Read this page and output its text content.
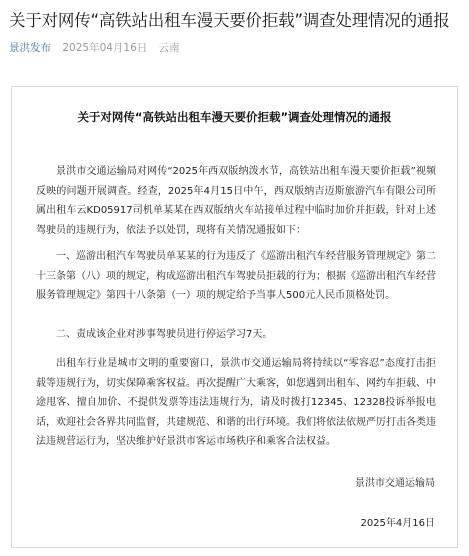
关于对网传“高铁站出租车漫天要价拒载”调查处理情况的通报
景洪发布 2025年04月16日 云南
关于对网传“高铁站出租车漫天要价拒载”调查处理情况的通报

景洪市交通运输局对网传“2025年西双版纳泼水节，高铁站出租车漫天要价拒载”视频反映的问题开展调查。经查，2025年4月15日中午，西双版纳吉迈斯旅游汽车有限公司所属出租车云KD05917司机单某某在西双版纳火车站接单过程中临时加价并拒载，针对上述驾驶员的违规行为，依法予以处罚，现将有关情况通报如下：

一、巡游出租汽车驾驶员单某某的行为违反了《巡游出租汽车经营服务管理规定》第二十三条第（八）项的规定，构成巡游出租汽车驾驶员拒载的行为；根据《巡游出租汽车经营服务管理规定》第四十八条第（一）项的规定给予当事人500元人民币顶格处罚。

二、责成该企业对涉事驾驶员进行停运学习7天。

出租车行业是城市文明的重要窗口，景洪市交通运输局将持续以“零容忍”态度打击拒载等违规行为，切实保障乘客权益。再次提醒广大乘客，如您遇到出租车、网约车拒载、中途甩客、擅自加价、不提供发票等违法违规行为，请及时拨打12345、12328投诉举报电话，欢迎社会各界共同监督，共建规范、和谐的出行环境。我们将依法依规严厉打击各类违法违规营运行为，坚决维护好景洪市客运市场秩序和乘客合法权益。

景洪市交通运输局
2025年4月16日
